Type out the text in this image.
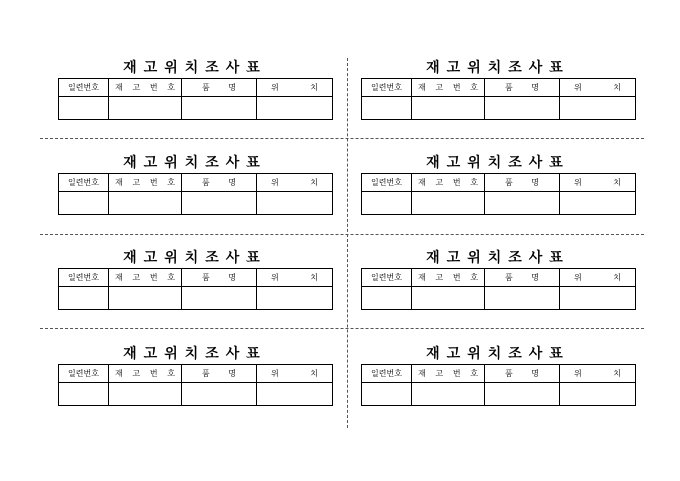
재고위치조사표
일련번호	재 고 번 호	품 명	위 치

재고위치조사표
일련번호	재 고 번 호	품 명	위 치

재고위치조사표
일련번호	재 고 번 호	품 명	위 치

재고위치조사표
일련번호	재 고 번 호	품 명	위 치

재고위치조사표
일련번호	재 고 번 호	품 명	위 치

재고위치조사표
일련번호	재 고 번 호	품 명	위 치

재고위치조사표
일련번호	재 고 번 호	품 명	위 치

재고위치조사표
일련번호	재 고 번 호	품 명	위 치
